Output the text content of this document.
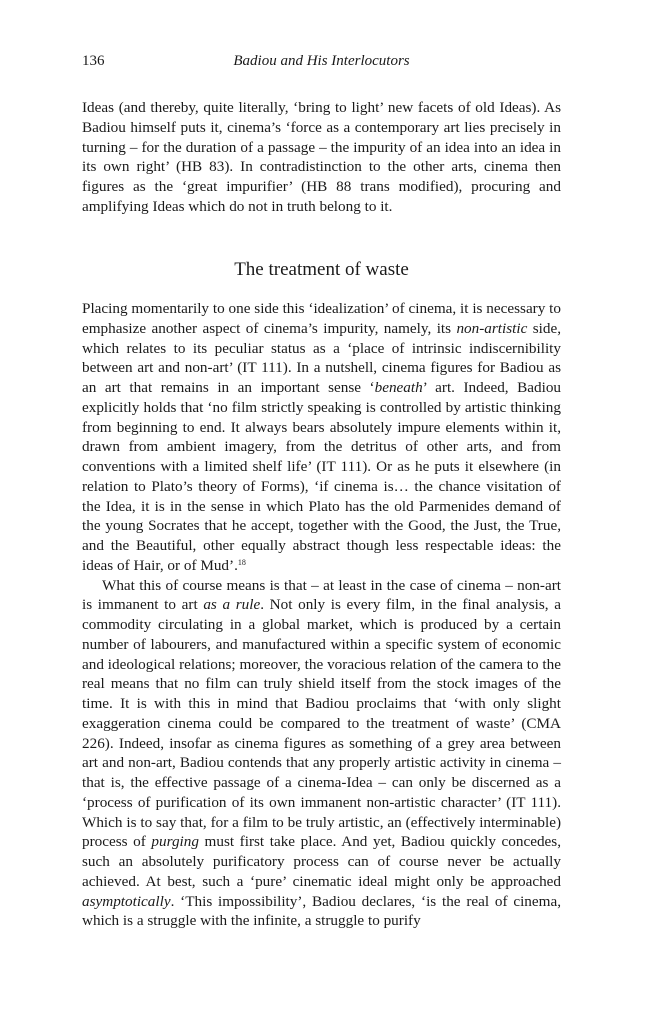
136	Badiou and His Interlocutors

Ideas (and thereby, quite literally, ‘bring to light’ new facets of old Ideas). As Badiou himself puts it, cinema’s ‘force as a contemporary art lies precisely in turning – for the duration of a passage – the impurity of an idea into an idea in its own right’ (HB 83). In contradistinction to the other arts, cinema then figures as the ‘great impurifier’ (HB 88 trans modified), procuring and amplifying Ideas which do not in truth belong to it.

The treatment of waste

Placing momentarily to one side this ‘idealization’ of cinema, it is necessary to emphasize another aspect of cinema’s impurity, namely, its non-artistic side, which relates to its peculiar status as a ‘place of intrinsic indiscernibility between art and non-art’ (IT 111). In a nutshell, cinema figures for Badiou as an art that remains in an important sense ‘beneath’ art. Indeed, Badiou explicitly holds that ‘no film strictly speaking is controlled by artistic thinking from beginning to end. It always bears absolutely impure elements within it, drawn from ambient imagery, from the detritus of other arts, and from conventions with a limited shelf life’ (IT 111). Or as he puts it elsewhere (in relation to Plato’s theory of Forms), ‘if cinema is… the chance visitation of the Idea, it is in the sense in which Plato has the old Parmenides demand of the young Socrates that he accept, together with the Good, the Just, the True, and the Beautiful, other equally abstract though less respectable ideas: the ideas of Hair, or of Mud’.$^{18}$

What this of course means is that – at least in the case of cinema – non-art is immanent to art as a rule. Not only is every film, in the final analysis, a commodity circulating in a global market, which is produced by a certain number of labourers, and manufactured within a specific system of economic and ideological relations; moreover, the voracious relation of the camera to the real means that no film can truly shield itself from the stock images of the time. It is with this in mind that Badiou proclaims that ‘with only slight exaggeration cinema could be compared to the treatment of waste’ (CMA 226). Indeed, insofar as cinema figures as something of a grey area between art and non-art, Badiou contends that any properly artistic activity in cinema – that is, the effective passage of a cinema-Idea – can only be discerned as a ‘process of purification of its own immanent non-artistic character’ (IT 111). Which is to say that, for a film to be truly artistic, an (effectively interminable) process of purging must first take place. And yet, Badiou quickly concedes, such an absolutely purificatory process can of course never be actually achieved. At best, such a ‘pure’ cinematic ideal might only be approached asymptotically. ‘This impossibility’, Badiou declares, ‘is the real of cinema, which is a struggle with the infinite, a struggle to purify
